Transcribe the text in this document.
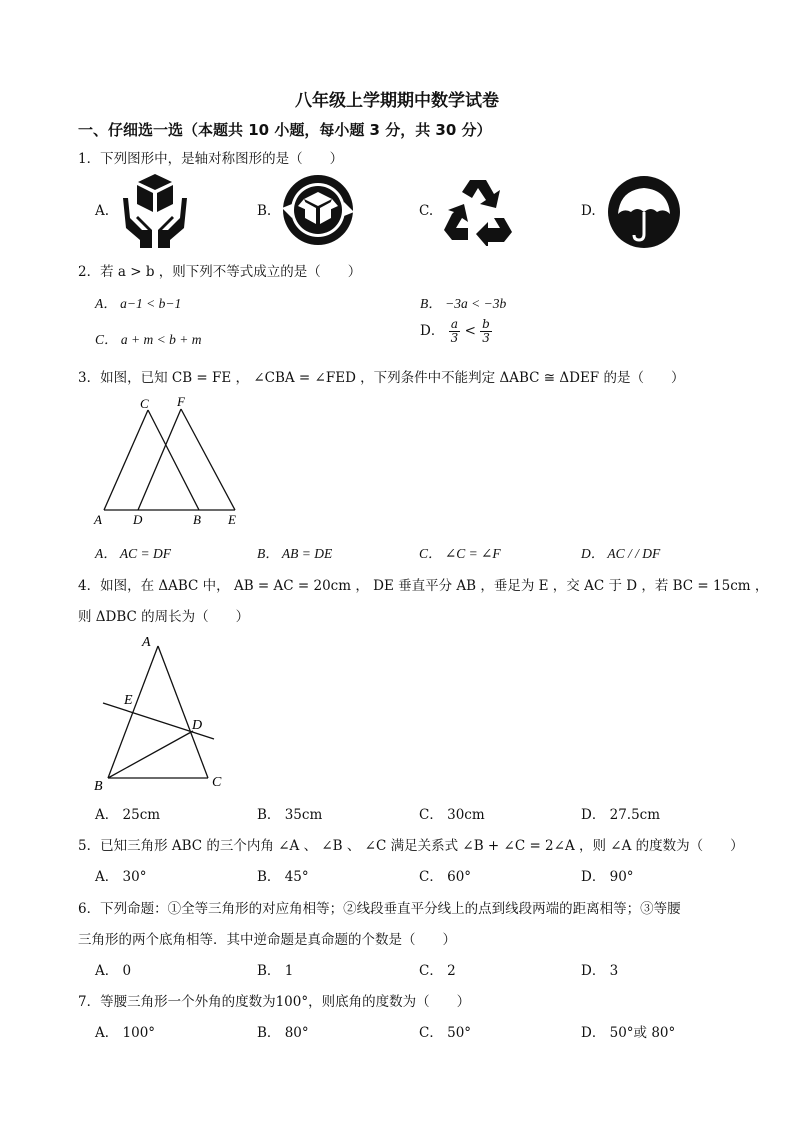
八年级上学期期中数学试卷
一、仔细选一选（本题共 10 小题，每小题 3 分，共 30 分）
1．下列图形中，是轴对称图形的是（　　）
A.	B.	C.	D.
2．若 a > b ，则下列不等式成立的是（　　）
A． a−1 < b−1	B． −3a < −3b
C． a + m < b + m
D． $\frac{a}{3} < \frac{b}{3}$
3．如图，已知 CB = FE ， ∠CBA = ∠FED ，下列条件中不能判定 ΔABC ≅ ΔDEF 的是（　　）
C F
A D	B E
A． AC = DF	B． AB = DE	C． ∠C = ∠F	D． AC / / DF
4．如图，在 ΔABC 中， AB = AC = 20cm ， DE 垂直平分 AB ，垂足为 E ，交 AC 于 D ，若 BC = 15cm ，
则 ΔDBC 的周长为（　　）
A
E
D
B	C
A． 25cm	B． 35cm	C． 30cm	D． 27.5cm
5．已知三角形 ABC 的三个内角 ∠A 、 ∠B 、 ∠C 满足关系式 ∠B + ∠C = 2∠A ，则 ∠A 的度数为（　　）
A． 30°	B． 45°	C． 60°	D． 90°
6．下列命题：①全等三角形的对应角相等；②线段垂直平分线上的点到线段两端的距离相等；③等腰
三角形的两个底角相等．其中逆命题是真命题的个数是（　　）
A． 0	B． 1	C． 2	D． 3
7．等腰三角形一个外角的度数为100°，则底角的度数为（　　）
A． 100°	B． 80°	C． 50°	D． 50°或 80°
